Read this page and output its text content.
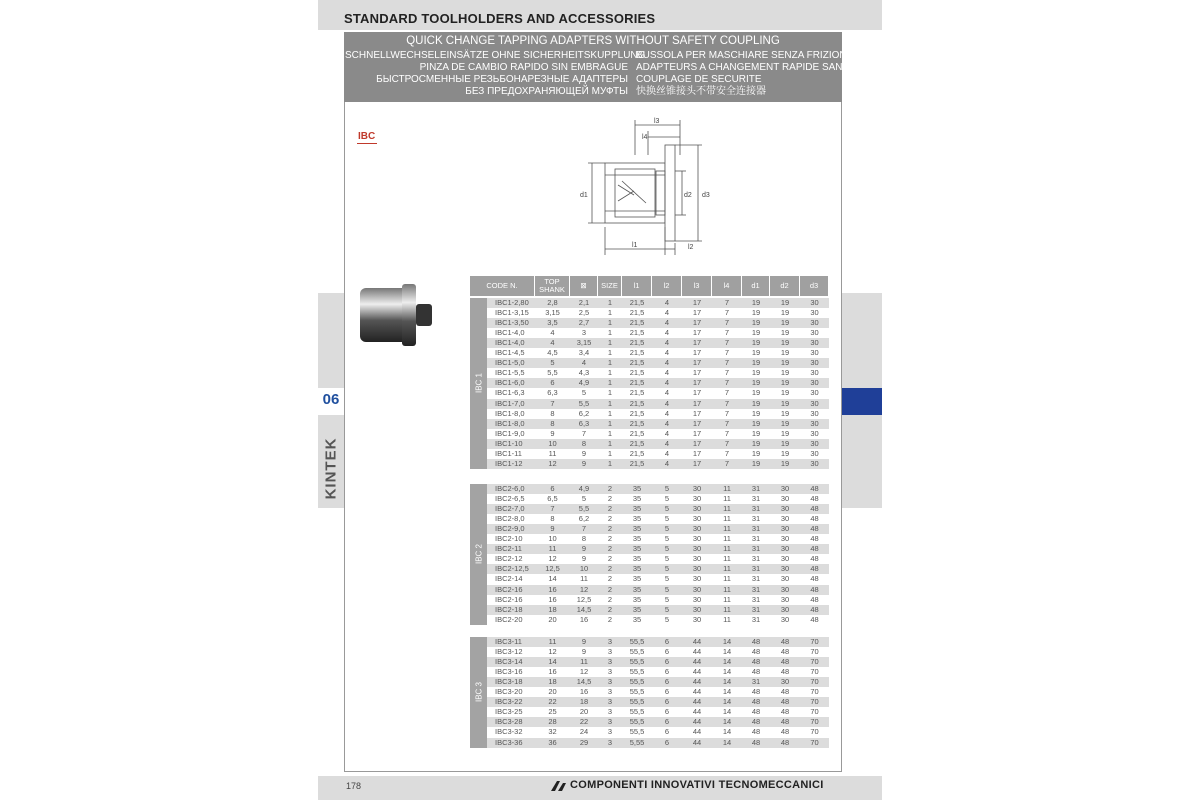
STANDARD TOOLHOLDERS AND ACCESSORIES
06
KINTEK
QUICK CHANGE TAPPING ADAPTERS WITHOUT SAFETY COUPLING
SCHNELLWECHSELEINSÄTZE OHNE SICHERHEITSKUPPLUNG
PINZA DE CAMBIO RAPIDO SIN EMBRAGUE
БЫСТРОСМЕННЫЕ РЕЗЬБОНАРЕЗНЫЕ АДАПТЕРЫ
БЕЗ ПРЕДОХРАНЯЮЩЕЙ МУФТЫ
BUSSOLA PER MASCHIARE SENZA FRIZIONE
ADAPTEURS A CHANGEMENT RAPIDE SANS
COUPLAGE DE SECURITE
快换丝锥接头不带安全连接器
IBC
l3
l4
l1	l2
d1	d2 d3
CODE N.	TOP SHANK	⊠	SIZE	l1	l2	l3	l4	d1	d2	d3
IBC 1
IBC1-2,80	2,8	2,1	1	21,5	4	17	7	19	19	30
IBC1-3,15	3,15	2,5	1	21,5	4	17	7	19	19	30
IBC1-3,50	3,5	2,7	1	21,5	4	17	7	19	19	30
IBC1-4,0	4	3	1	21,5	4	17	7	19	19	30
IBC1-4,0	4	3,15	1	21,5	4	17	7	19	19	30
IBC1-4,5	4,5	3,4	1	21,5	4	17	7	19	19	30
IBC1-5,0	5	4	1	21,5	4	17	7	19	19	30
IBC1-5,5	5,5	4,3	1	21,5	4	17	7	19	19	30
IBC1-6,0	6	4,9	1	21,5	4	17	7	19	19	30
IBC1-6,3	6,3	5	1	21,5	4	17	7	19	19	30
IBC1-7,0	7	5,5	1	21,5	4	17	7	19	19	30
IBC1-8,0	8	6,2	1	21,5	4	17	7	19	19	30
IBC1-8,0	8	6,3	1	21,5	4	17	7	19	19	30
IBC1-9,0	9	7	1	21,5	4	17	7	19	19	30
IBC1-10	10	8	1	21,5	4	17	7	19	19	30
IBC1-11	11	9	1	21,5	4	17	7	19	19	30
IBC1-12	12	9	1	21,5	4	17	7	19	19	30
IBC 2
IBC2-6,0	6	4,9	2	35	5	30	11	31	30	48
IBC2-6,5	6,5	5	2	35	5	30	11	31	30	48
IBC2-7,0	7	5,5	2	35	5	30	11	31	30	48
IBC2-8,0	8	6,2	2	35	5	30	11	31	30	48
IBC2-9,0	9	7	2	35	5	30	11	31	30	48
IBC2-10	10	8	2	35	5	30	11	31	30	48
IBC2-11	11	9	2	35	5	30	11	31	30	48
IBC2-12	12	9	2	35	5	30	11	31	30	48
IBC2-12,5	12,5	10	2	35	5	30	11	31	30	48
IBC2-14	14	11	2	35	5	30	11	31	30	48
IBC2-16	16	12	2	35	5	30	11	31	30	48
IBC2-16	16	12,5	2	35	5	30	11	31	30	48
IBC2-18	18	14,5	2	35	5	30	11	31	30	48
IBC2-20	20	16	2	35	5	30	11	31	30	48
IBC 3
IBC3-11	11	9	3	55,5	6	44	14	48	48	70
IBC3-12	12	9	3	55,5	6	44	14	48	48	70
IBC3-14	14	11	3	55,5	6	44	14	48	48	70
IBC3-16	16	12	3	55,5	6	44	14	48	48	70
IBC3-18	18	14,5	3	55,5	6	44	14	31	30	70
IBC3-20	20	16	3	55,5	6	44	14	48	48	70
IBC3-22	22	18	3	55,5	6	44	14	48	48	70
IBC3-25	25	20	3	55,5	6	44	14	48	48	70
IBC3-28	28	22	3	55,5	6	44	14	48	48	70
IBC3-32	32	24	3	55,5	6	44	14	48	48	70
IBC3-36	36	29	3	5,55	6	44	14	48	48	70
178	COMPONENTI INNOVATIVI TECNOMECCANICI
